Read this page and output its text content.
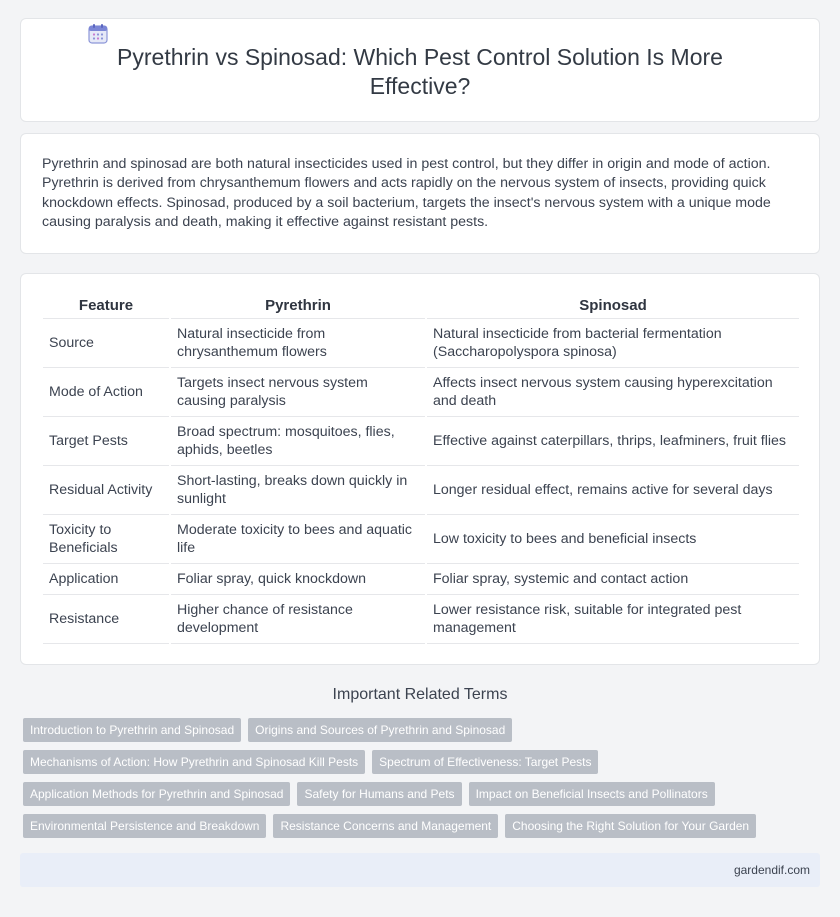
Pyrethrin vs Spinosad: Which Pest Control Solution Is More Effective?

Pyrethrin and spinosad are both natural insecticides used in pest control, but they differ in origin and mode of action. Pyrethrin is derived from chrysanthemum flowers and acts rapidly on the nervous system of insects, providing quick knockdown effects. Spinosad, produced by a soil bacterium, targets the insect's nervous system with a unique mode causing paralysis and death, making it effective against resistant pests.

Feature	Pyrethrin	Spinosad
Source	Natural insecticide from chrysanthemum flowers	Natural insecticide from bacterial fermentation (Saccharopolyspora spinosa)
Mode of Action	Targets insect nervous system causing paralysis	Affects insect nervous system causing hyperexcitation and death
Target Pests	Broad spectrum: mosquitoes, flies, aphids, beetles	Effective against caterpillars, thrips, leafminers, fruit flies
Residual Activity	Short-lasting, breaks down quickly in sunlight	Longer residual effect, remains active for several days
Toxicity to Beneficials	Moderate toxicity to bees and aquatic life	Low toxicity to bees and beneficial insects
Application	Foliar spray, quick knockdown	Foliar spray, systemic and contact action
Resistance	Higher chance of resistance development	Lower resistance risk, suitable for integrated pest management
Important Related Terms
Introduction to Pyrethrin and Spinosad	Origins and Sources of Pyrethrin and Spinosad
Mechanisms of Action: How Pyrethrin and Spinosad Kill Pests	Spectrum of Effectiveness: Target Pests
Application Methods for Pyrethrin and Spinosad	Safety for Humans and Pets	Impact on Beneficial Insects and Pollinators
Environmental Persistence and Breakdown	Resistance Concerns and Management	Choosing the Right Solution for Your Garden
gardendif.com
